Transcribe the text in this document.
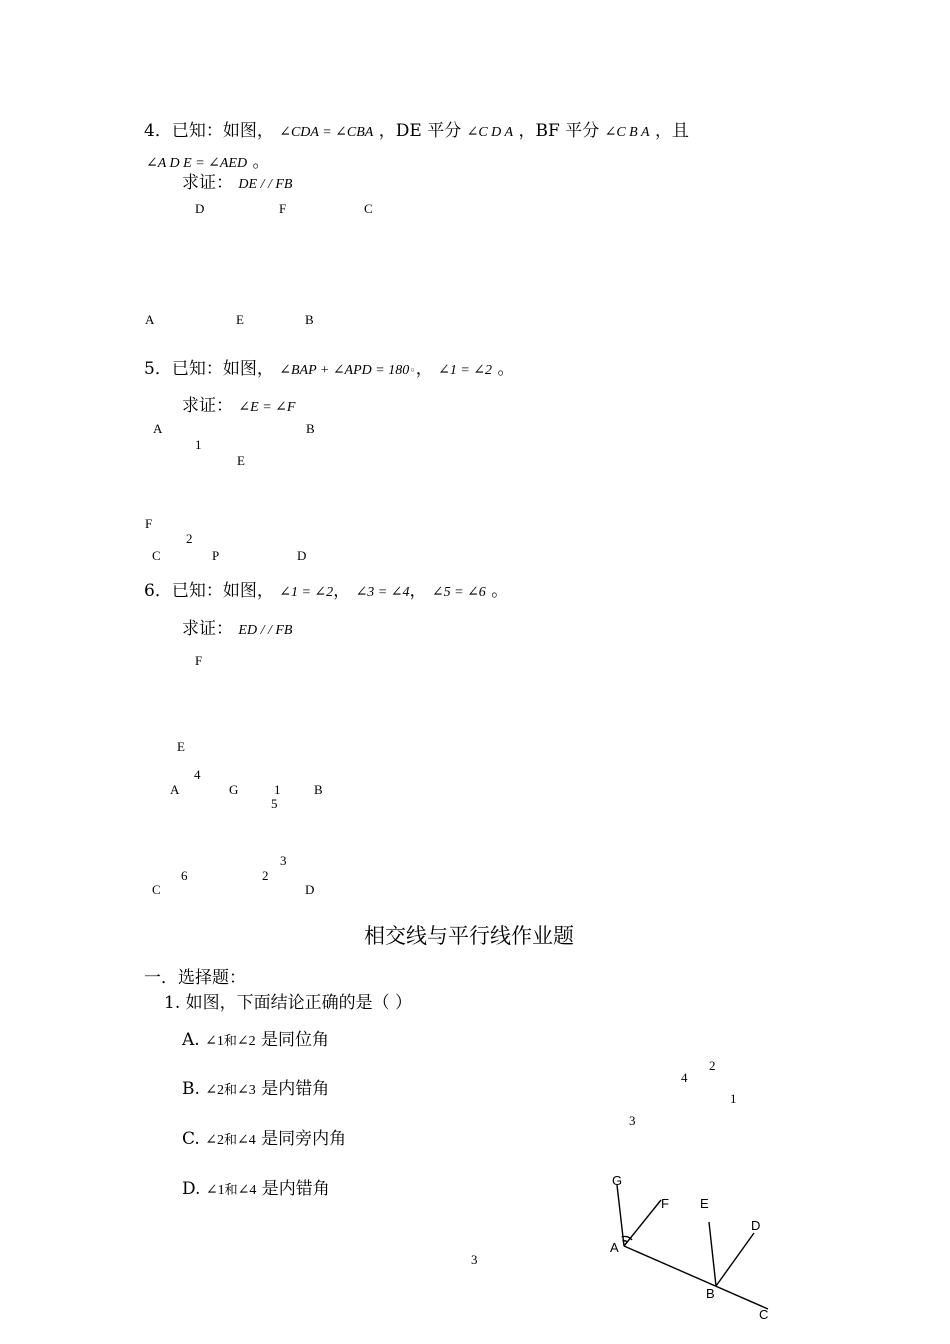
4．已知：如图， ∠CDA = ∠CBA ，DE 平分 ∠C D A ，BF 平分 ∠C B A ，且
∠A D E = ∠AED 。
求证： DE / / FB
D	F	C
A	E	B
5．已知：如图， ∠BAP + ∠APD = 180◦， ∠1 = ∠2 。
求证： ∠E = ∠F
A	B
1
E
F
2
C	P	D
6．已知：如图， ∠1 = ∠2， ∠3 = ∠4， ∠5 = ∠6 。
求证： ED / / FB
F
E
4
A	G	1	B
5
3
6	2
C	D
相交线与平行线作业题
一．选择题：
1. 如图，下面结论正确的是（ ）
A. ∠1和∠2 是同位角
B. ∠2和∠3 是内错角
C. ∠2和∠4 是同旁内角
D. ∠1和∠4 是内错角
4
2
1
3
G
F E
D
A
B
C
3
